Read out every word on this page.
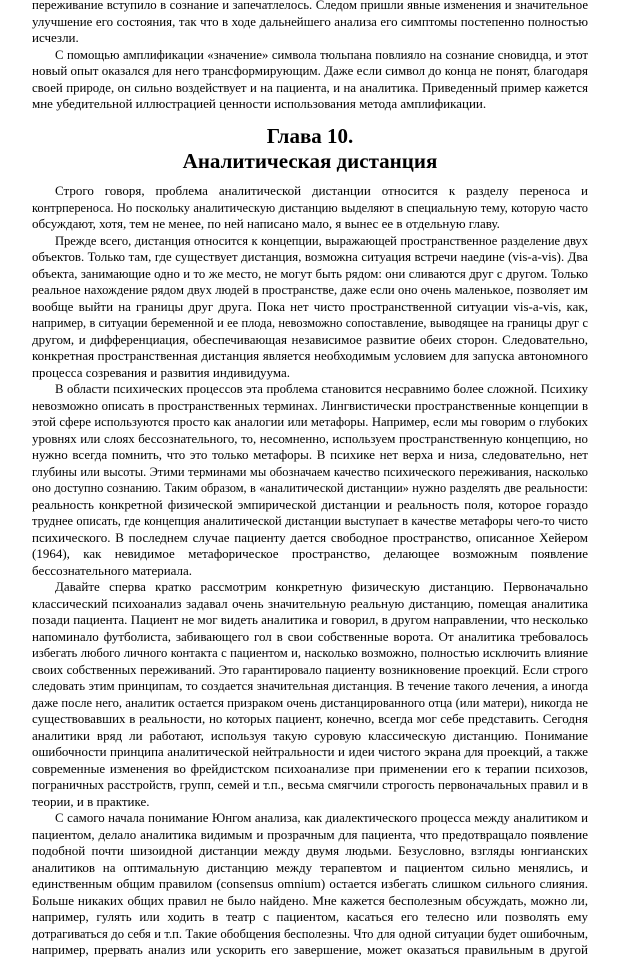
переживание вступило в сознание и запечатлелось. Следом пришли явные изменения и значительное
улучшение его состояния, так что в ходе дальнейшего анализа его симптомы постепенно полностью
исчезли.
С помощью амплификации «значение» символа тюльпана повлияло на сознание сновидца, и этот
новый опыт оказался для него трансформирующим. Даже если символ до конца не понят, благодаря
своей природе, он сильно воздействует и на пациента, и на аналитика. Приведенный пример кажется
мне убедительной иллюстрацией ценности использования метода амплификации.
Глава 10.
Аналитическая дистанция
Строго говоря, проблема аналитической дистанции относится к разделу переноса и
контрпереноса. Но поскольку аналитическую дистанцию выделяют в специальную тему, которую часто
обсуждают, хотя, тем не менее, по ней написано мало, я вынес ее в отдельную главу.
Прежде всего, дистанция относится к концепции, выражающей пространственное разделение двух
объектов. Только там, где существует дистанция, возможна ситуация встречи наедине (vis-a-vis). Два
объекта, занимающие одно и то же место, не могут быть рядом: они сливаются друг с другом. Только
реальное нахождение рядом двух людей в пространстве, даже если оно очень маленькое, позволяет им
вообще выйти на границы друг друга. Пока нет чисто пространственной ситуации vis-a-vis, как,
например, в ситуации беременной и ее плода, невозможно сопоставление, выводящее на границы друг с
другом, и дифференциация, обеспечивающая независимое развитие обеих сторон. Следовательно,
конкретная пространственная дистанция является необходимым условием для запуска автономного
процесса созревания и развития индивидуума.
В области психических процессов эта проблема становится несравнимо более сложной. Психику
невозможно описать в пространственных терминах. Лингвистически пространственные концепции в
этой сфере используются просто как аналогии или метафоры. Например, если мы говорим о глубоких
уровнях или слоях бессознательного, то, несомненно, используем пространственную концепцию, но
нужно всегда помнить, что это только метафоры. В психике нет верха и низа, следовательно, нет
глубины или высоты. Этими терминами мы обозначаем качество психического переживания, насколько
оно доступно сознанию. Таким образом, в «аналитической дистанции» нужно разделять две реальности:
реальность конкретной физической эмпирической дистанции и реальность поля, которое гораздо
труднее описать, где концепция аналитической дистанции выступает в качестве метафоры чего-то чисто
психического. В последнем случае пациенту дается свободное пространство, описанное Хейером
(1964), как невидимое метафорическое пространство, делающее возможным появление
бессознательного материала.
Давайте сперва кратко рассмотрим конкретную физическую дистанцию. Первоначально
классический психоанализ задавал очень значительную реальную дистанцию, помещая аналитика
позади пациента. Пациент не мог видеть аналитика и говорил, в другом направлении, что несколько
напоминало футболиста, забивающего гол в свои собственные ворота. От аналитика требовалось
избегать любого личного контакта с пациентом и, насколько возможно, полностью исключить влияние
своих собственных переживаний. Это гарантировало пациенту возникновение проекций. Если строго
следовать этим принципам, то создается значительная дистанция. В течение такого лечения, а иногда
даже после него, аналитик остается призраком очень дистанцированного отца (или матери), никогда не
существовавших в реальности, но которых пациент, конечно, всегда мог себе представить. Сегодня
аналитики вряд ли работают, используя такую суровую классическую дистанцию. Понимание
ошибочности принципа аналитической нейтральности и идеи чистого экрана для проекций, а также
современные изменения во фрейдистском психоанализе при применении его к терапии психозов,
пограничных расстройств, групп, семей и т.п., весьма смягчили строгость первоначальных правил и в
теории, и в практике.
С самого начала понимание Юнгом анализа, как диалектического процесса между аналитиком и
пациентом, делало аналитика видимым и прозрачным для пациента, что предотвращало появление
подобной почти шизоидной дистанции между двумя людьми. Безусловно, взгляды юнгианских
аналитиков на оптимальную дистанцию между терапевтом и пациентом сильно менялись, и
единственным общим правилом (consensus omnium) остается избегать слишком сильного слияния.
Больше никаких общих правил не было найдено. Мне кажется бесполезным обсуждать, можно ли,
например, гулять или ходить в театр с пациентом, касаться его телесно или позволять ему
дотрагиваться до себя и т.п. Такие обобщения бесполезны. Что для одной ситуации будет ошибочным,
например, прервать анализ или ускорить его завершение, может оказаться правильным в другой
